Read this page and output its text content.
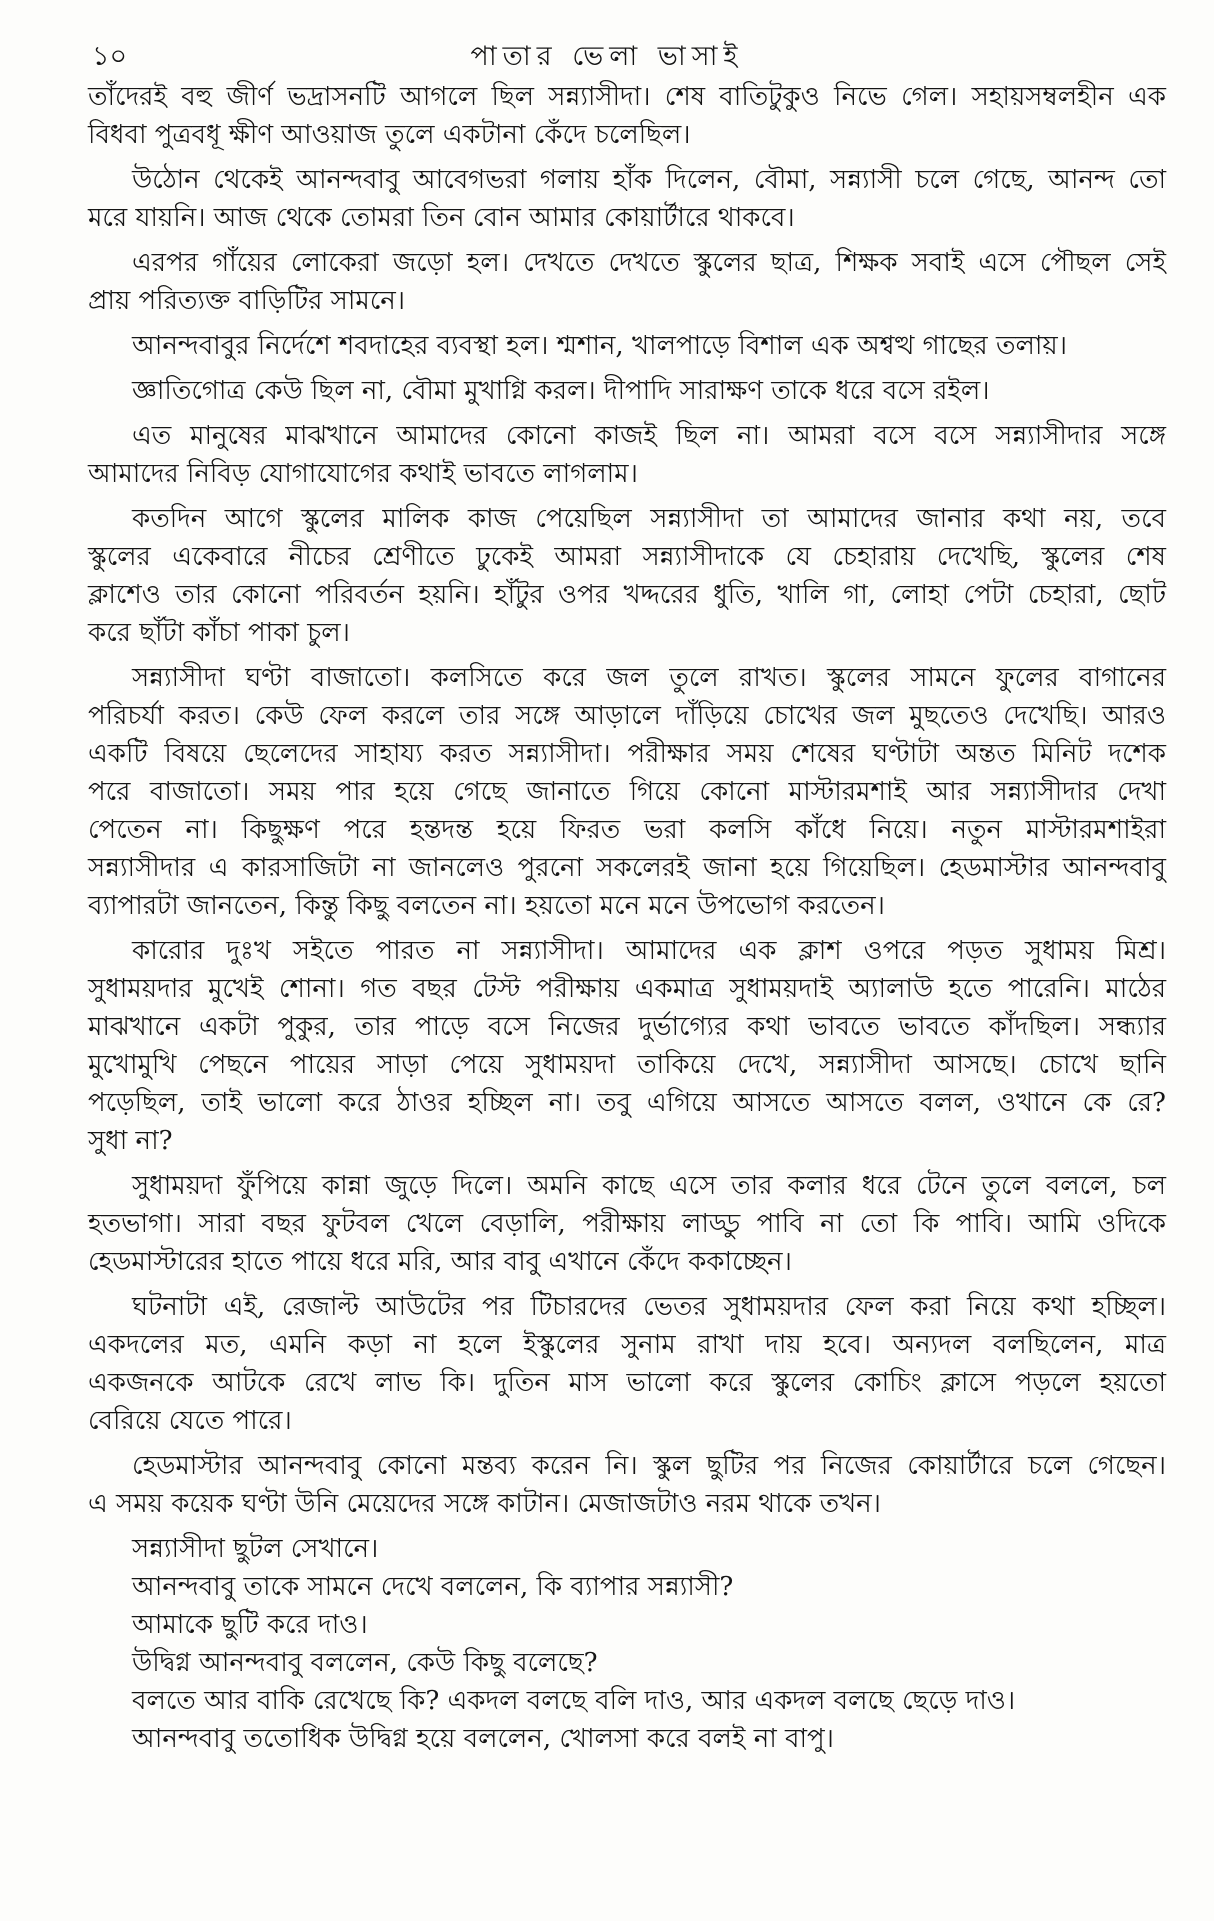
১০	পাতার ভেলা ভাসাই
তাঁদেরই বহু জীর্ণ ভদ্রাসনটি আগলে ছিল সন্ন্যাসীদা। শেষ বাতিটুকুও নিভে গেল। সহায়সম্বলহীন এক
বিধবা পুত্রবধূ ক্ষীণ আওয়াজ তুলে একটানা কেঁদে চলেছিল।
উঠোন থেকেই আনন্দবাবু আবেগভরা গলায় হাঁক দিলেন, বৌমা, সন্ন্যাসী চলে গেছে, আনন্দ তো
মরে যায়নি। আজ থেকে তোমরা তিন বোন আমার কোয়ার্টারে থাকবে।
এরপর গাঁয়ের লোকেরা জড়ো হল। দেখতে দেখতে স্কুলের ছাত্র, শিক্ষক সবাই এসে পৌছল সেই
প্রায় পরিত্যক্ত বাড়িটির সামনে।
আনন্দবাবুর নির্দেশে শবদাহের ব্যবস্থা হল। শ্মশান, খালপাড়ে বিশাল এক অশ্বত্থ গাছের তলায়।
জ্ঞাতিগোত্র কেউ ছিল না, বৌমা মুখাগ্নি করল। দীপাদি সারাক্ষণ তাকে ধরে বসে রইল।
এত মানুষের মাঝখানে আমাদের কোনো কাজই ছিল না। আমরা বসে বসে সন্ন্যাসীদার সঙ্গে
আমাদের নিবিড় যোগাযোগের কথাই ভাবতে লাগলাম।
কতদিন আগে স্কুলের মালিক কাজ পেয়েছিল সন্ন্যাসীদা তা আমাদের জানার কথা নয়, তবে
স্কুলের একেবারে নীচের শ্রেণীতে ঢুকেই আমরা সন্ন্যাসীদাকে যে চেহারায় দেখেছি, স্কুলের শেষ
ক্লাশেও তার কোনো পরিবর্তন হয়নি। হাঁটুর ওপর খদ্দরের ধুতি, খালি গা, লোহা পেটা চেহারা, ছোট
করে ছাঁটা কাঁচা পাকা চুল।
সন্ন্যাসীদা ঘণ্টা বাজাতো। কলসিতে করে জল তুলে রাখত। স্কুলের সামনে ফুলের বাগানের
পরিচর্যা করত। কেউ ফেল করলে তার সঙ্গে আড়ালে দাঁড়িয়ে চোখের জল মুছতেও দেখেছি। আরও
একটি বিষয়ে ছেলেদের সাহায্য করত সন্ন্যাসীদা। পরীক্ষার সময় শেষের ঘণ্টাটা অন্তত মিনিট দশেক
পরে বাজাতো। সময় পার হয়ে গেছে জানাতে গিয়ে কোনো মাস্টারমশাই আর সন্ন্যাসীদার দেখা
পেতেন না। কিছুক্ষণ পরে হন্তদন্ত হয়ে ফিরত ভরা কলসি কাঁধে নিয়ে। নতুন মাস্টারমশাইরা
সন্ন্যাসীদার এ কারসাজিটা না জানলেও পুরনো সকলেরই জানা হয়ে গিয়েছিল। হেডমাস্টার আনন্দবাবু
ব্যাপারটা জানতেন, কিন্তু কিছু বলতেন না। হয়তো মনে মনে উপভোগ করতেন।
কারোর দুঃখ সইতে পারত না সন্ন্যাসীদা। আমাদের এক ক্লাশ ওপরে পড়ত সুধাময় মিশ্র।
সুধাময়দার মুখেই শোনা। গত বছর টেস্ট পরীক্ষায় একমাত্র সুধাময়দাই অ্যালাউ হতে পারেনি। মাঠের
মাঝখানে একটা পুকুর, তার পাড়ে বসে নিজের দুর্ভাগ্যের কথা ভাবতে ভাবতে কাঁদছিল। সন্ধ্যার
মুখোমুখি পেছনে পায়ের সাড়া পেয়ে সুধাময়দা তাকিয়ে দেখে, সন্ন্যাসীদা আসছে। চোখে ছানি
পড়েছিল, তাই ভালো করে ঠাওর হচ্ছিল না। তবু এগিয়ে আসতে আসতে বলল, ওখানে কে রে?
সুধা না?
সুধাময়দা ফুঁপিয়ে কান্না জুড়ে দিলে। অমনি কাছে এসে তার কলার ধরে টেনে তুলে বললে, চল
হতভাগা। সারা বছর ফুটবল খেলে বেড়ালি, পরীক্ষায় লাড্ডু পাবি না তো কি পাবি। আমি ওদিকে
হেডমাস্টারের হাতে পায়ে ধরে মরি, আর বাবু এখানে কেঁদে ককাচ্ছেন।
ঘটনাটা এই, রেজাল্ট আউটের পর টিচারদের ভেতর সুধাময়দার ফেল করা নিয়ে কথা হচ্ছিল।
একদলের মত, এমনি কড়া না হলে ইস্কুলের সুনাম রাখা দায় হবে। অন্যদল বলছিলেন, মাত্র
একজনকে আটকে রেখে লাভ কি। দুতিন মাস ভালো করে স্কুলের কোচিং ক্লাসে পড়লে হয়তো
বেরিয়ে যেতে পারে।
হেডমাস্টার আনন্দবাবু কোনো মন্তব্য করেন নি। স্কুল ছুটির পর নিজের কোয়ার্টারে চলে গেছেন।
এ সময় কয়েক ঘণ্টা উনি মেয়েদের সঙ্গে কাটান। মেজাজটাও নরম থাকে তখন।
সন্ন্যাসীদা ছুটল সেখানে।
আনন্দবাবু তাকে সামনে দেখে বললেন, কি ব্যাপার সন্ন্যাসী?
আমাকে ছুটি করে দাও।
উদ্বিগ্ন আনন্দবাবু বললেন, কেউ কিছু বলেছে?
বলতে আর বাকি রেখেছে কি? একদল বলছে বলি দাও, আর একদল বলছে ছেড়ে দাও।
আনন্দবাবু ততোধিক উদ্বিগ্ন হয়ে বললেন, খোলসা করে বলই না বাপু।
